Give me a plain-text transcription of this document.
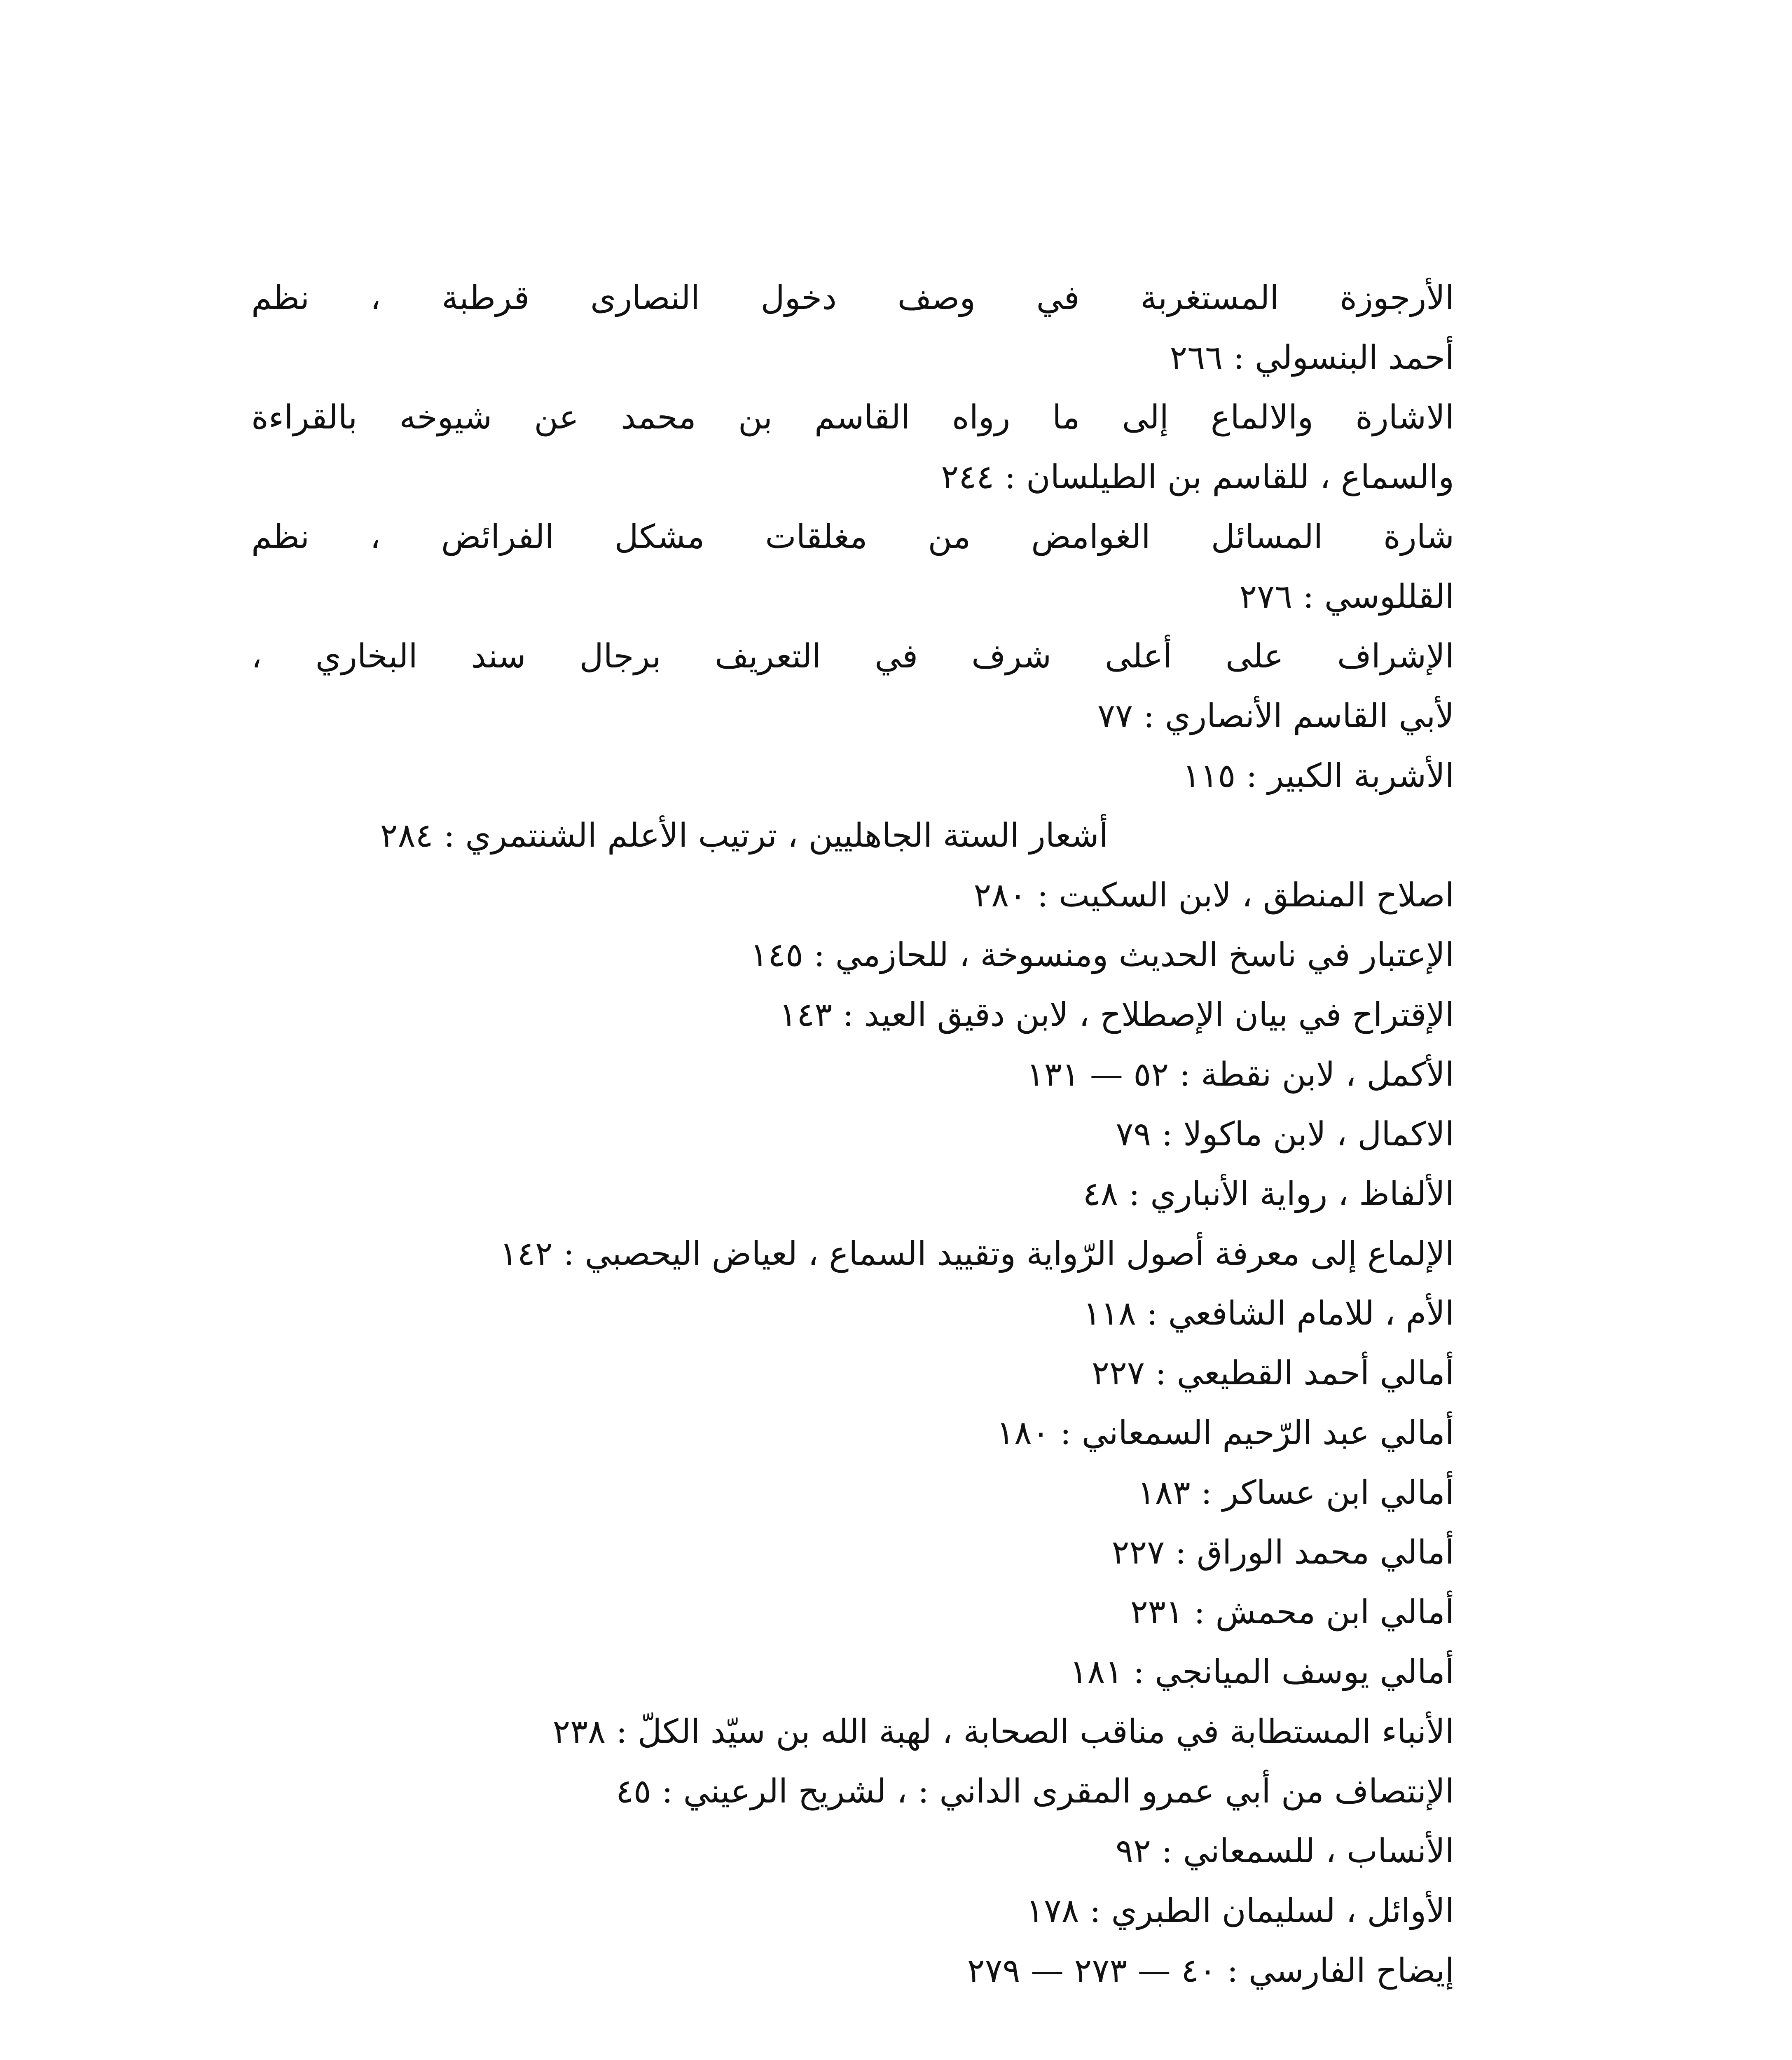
الأرجوزة المستغربة في وصف دخول النصارى قرطبة ، نظم
أحمد البنسولي : ٢٦٦
الاشارة والالماع إلى ما رواه القاسم بن محمد عن شيوخه بالقراءة
والسماع ، للقاسم بن الطيلسان : ٢٤٤
شارة المسائل الغوامض من مغلقات مشكل الفرائض ، نظم
القللوسي : ٢٧٦
الإشراف على أعلى شرف في التعريف برجال سند البخاري ،
لأبي القاسم الأنصاري : ٧٧
الأشربة الكبير : ١١٥
أشعار الستة الجاهليين ، ترتيب الأعلم الشنتمري : ٢٨٤
اصلاح المنطق ، لابن السكيت : ٢٨٠
الإعتبار في ناسخ الحديث ومنسوخة ، للحازمي : ١٤٥
الإقتراح في بيان الإصطلاح ، لابن دقيق العيد : ١٤٣
الأكمل ، لابن نقطة : ٥٢ — ١٣١
الاكمال ، لابن ماكولا : ٧٩
الألفاظ ، رواية الأنباري : ٤٨
الإلماع إلى معرفة أصول الرّواية وتقييد السماع ، لعياض اليحصبي : ١٤٢
الأم ، للامام الشافعي : ١١٨
أمالي أحمد القطيعي : ٢٢٧
أمالي عبد الرّحيم السمعاني : ١٨٠
أمالي ابن عساكر : ١٨٣
أمالي محمد الوراق : ٢٢٧
أمالي ابن محمش : ٢٣١
أمالي يوسف الميانجي : ١٨١
الأنباء المستطابة في مناقب الصحابة ، لهبة الله بن سيّد الكلّ : ٢٣٨
الإنتصاف من أبي عمرو المقرى الداني : ، لشريح الرعيني : ٤٥
الأنساب ، للسمعاني : ٩٢
الأوائل ، لسليمان الطبري : ١٧٨
إيضاح الفارسي : ٤٠ — ٢٧٣ — ٢٧٩
